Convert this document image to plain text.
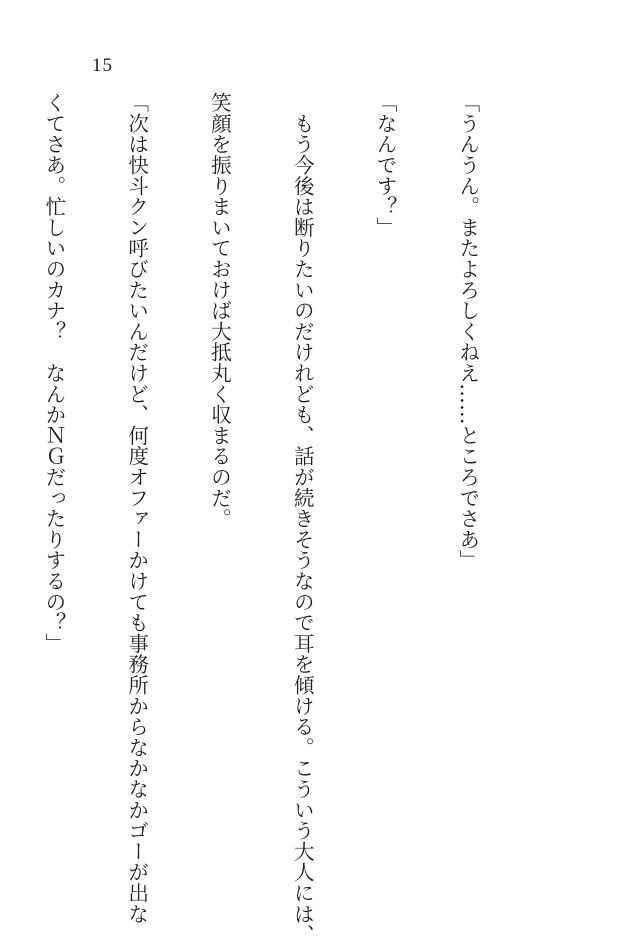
15

「うんうん。またよろしくねえ……ところでさあ」

「なんです？」

　もう今後は断りたいのだけれども、話が続きそうなので耳を傾ける。こういう大人には、

笑顔を振りまいておけば大抵丸く収まるのだ。

「次は快斗クン呼びたいんだけど、何度オファーかけても事務所からなかなかゴーが出な

くてさあ。忙しいのカナ？　なんかＮＧだったりするの？」
